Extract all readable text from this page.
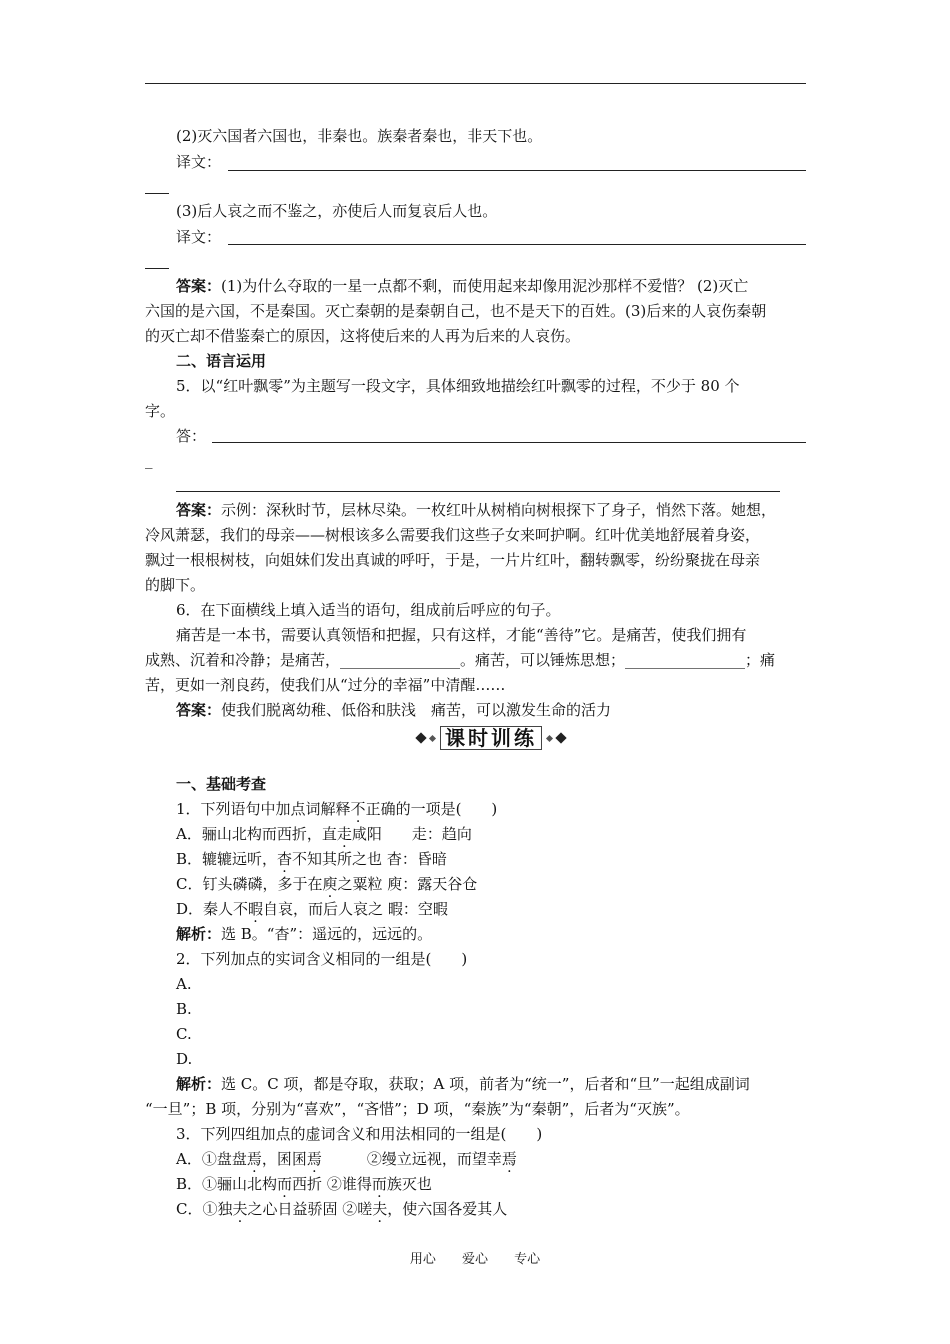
(2)灭六国者六国也，非秦也。族秦者秦也，非天下也。
译文：
(3)后人哀之而不鉴之，亦使后人而复哀后人也。
译文：
答案：(1)为什么夺取的一星一点都不剩，而使用起来却像用泥沙那样不爱惜？ (2)灭亡
六国的是六国，不是秦国。灭亡秦朝的是秦朝自己，也不是天下的百姓。(3)后来的人哀伤秦朝
的灭亡却不借鉴秦亡的原因，这将使后来的人再为后来的人哀伤。
二、语言运用
5．以“红叶飘零”为主题写一段文字，具体细致地描绘红叶飘零的过程，不少于 80 个
字。
答：
_
答案：示例：深秋时节，层林尽染。一枚红叶从树梢向树根探下了身子，悄然下落。她想，
冷风萧瑟，我们的母亲——树根该多么需要我们这些子女来呵护啊。红叶优美地舒展着身姿，
飘过一根根树枝，向姐妹们发出真诚的呼吁，于是，一片片红叶，翻转飘零，纷纷聚拢在母亲
的脚下。
6．在下面横线上填入适当的语句，组成前后呼应的句子。
痛苦是一本书，需要认真领悟和把握，只有这样，才能“善待”它。是痛苦，使我们拥有
成熟、沉着和冷静；是痛苦，________________。痛苦，可以锤炼思想；________________；痛
苦，更如一剂良药，使我们从“过分的幸福”中清醒……
答案：使我们脱离幼稚、低俗和肤浅　痛苦，可以激发生命的活力
课时训练
一、基础考查
1．下列语句中加点词解释不正确的一项是(　　)
A．骊山北构而西折，直走咸阳　　走：趋向
B．辘辘远听，杳不知其所之也 杳：昏暗
C．钉头磷磷，多于在庾之粟粒 庾：露天谷仓
D．秦人不暇自哀，而后人哀之 暇：空暇
解析：选 B。“杳”：遥远的，远远的。
2．下列加点的实词含义相同的一组是(　　)
A.
B.
C.
D.
解析：选 C。C 项，都是夺取，获取；A 项，前者为“统一”，后者和“旦”一起组成副词
“一旦”；B 项，分别为“喜欢”，“吝惜”；D 项，“秦族”为“秦朝”，后者为“灭族”。
3．下列四组加点的虚词含义和用法相同的一组是(　　)
A．①盘盘焉，囷囷焉　　　②缦立远视，而望幸焉
B．①骊山北构而西折 ②谁得而族灭也
C．①独夫之心日益骄固 ②嗟夫，使六国各爱其人
用心 爱心 专心
